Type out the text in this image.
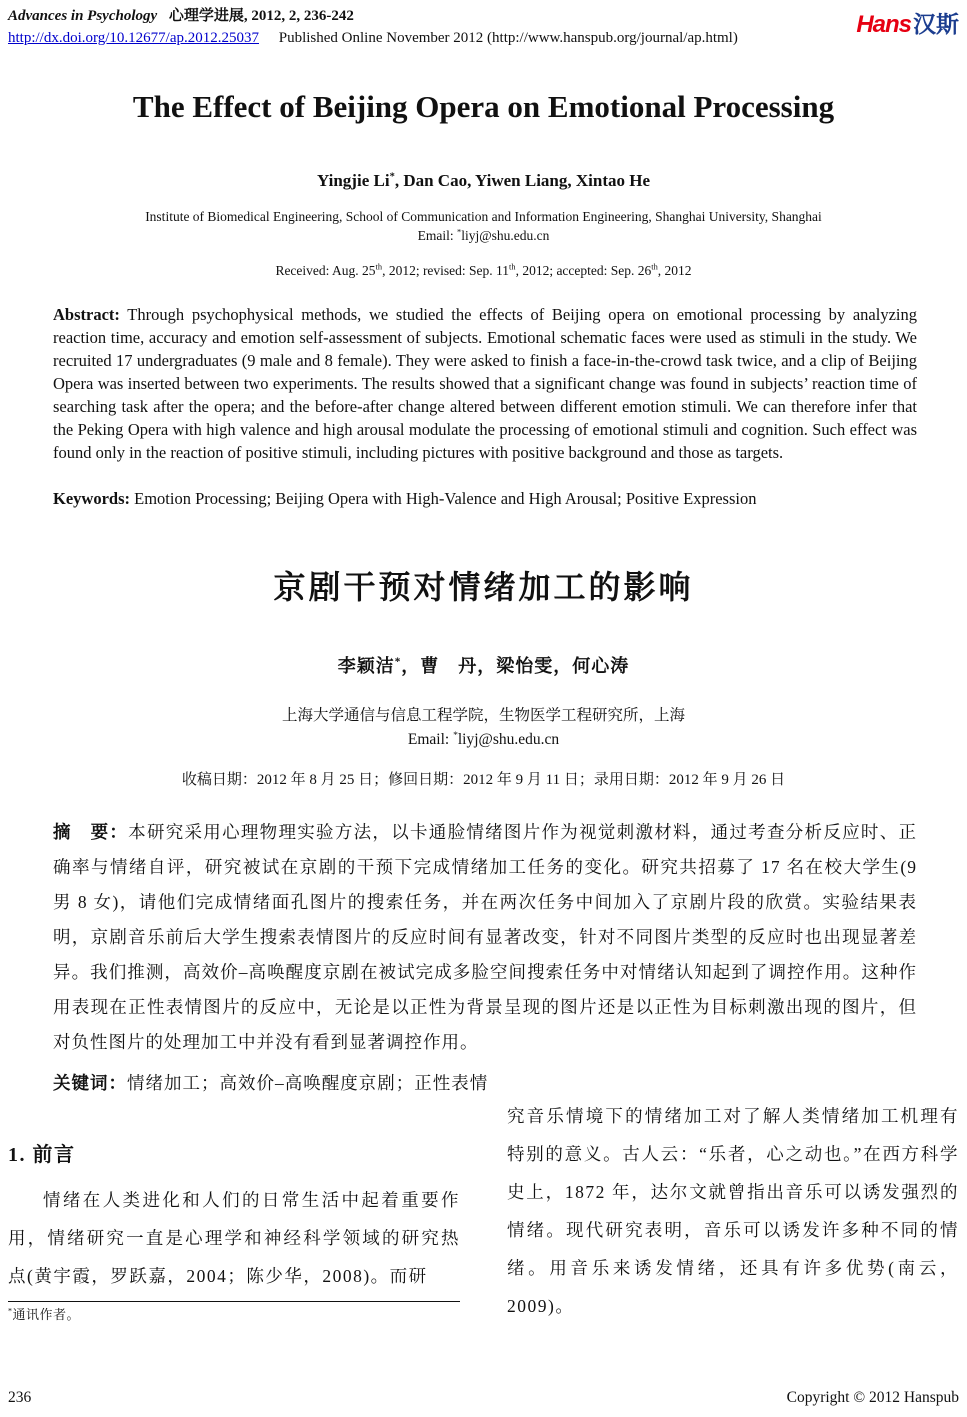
Advances in Psychology 心理学进展, 2012, 2, 236-242
http://dx.doi.org/10.12677/ap.2012.25037 Published Online November 2012 (http://www.hanspub.org/journal/ap.html)	Hans汉斯
The Effect of Beijing Opera on Emotional Processing
Yingjie Li*, Dan Cao, Yiwen Liang, Xintao He
Institute of Biomedical Engineering, School of Communication and Information Engineering, Shanghai University, Shanghai
Email: *liyj@shu.edu.cn
Received: Aug. 25th, 2012; revised: Sep. 11th, 2012; accepted: Sep. 26th, 2012

Abstract: Through psychophysical methods, we studied the effects of Beijing opera on emotional processing by analyzing reaction time, accuracy and emotion self-assessment of subjects. Emotional schematic faces were used as stimuli in the study. We recruited 17 undergraduates (9 male and 8 female). They were asked to finish a face-in-the-crowd task twice, and a clip of Beijing Opera was inserted between two experiments. The results showed that a significant change was found in subjects’ reaction time of searching task after the opera; and the before-after change altered between different emotion stimuli. We can therefore infer that the Peking Opera with high valence and high arousal modulate the processing of emotional stimuli and cognition. Such effect was found only in the reaction of positive stimuli, including pictures with positive background and those as targets.

Keywords: Emotion Processing; Beijing Opera with High-Valence and High Arousal; Positive Expression

京剧干预对情绪加工的影响
李颖洁*，曹　丹，梁怡雯，何心涛
上海大学通信与信息工程学院，生物医学工程研究所，上海
Email: *liyj@shu.edu.cn
收稿日期：2012 年 8 月 25 日；修回日期：2012 年 9 月 11 日；录用日期：2012 年 9 月 26 日

摘　要：本研究采用心理物理实验方法，以卡通脸情绪图片作为视觉刺激材料，通过考查分析反应时、正确率与情绪自评，研究被试在京剧的干预下完成情绪加工任务的变化。研究共招募了 17 名在校大学生(9 男 8 女)，请他们完成情绪面孔图片的搜索任务，并在两次任务中间加入了京剧片段的欣赏。实验结果表明，京剧音乐前后大学生搜索表情图片的反应时间有显著改变，针对不同图片类型的反应时也出现显著差异。我们推测，高效价–高唤醒度京剧在被试完成多脸空间搜索任务中对情绪认知起到了调控作用。这种作用表现在正性表情图片的反应中，无论是以正性为背景呈现的图片还是以正性为目标刺激出现的图片，但对负性图片的处理加工中并没有看到显著调控作用。

关键词：情绪加工；高效价–高唤醒度京剧；正性表情

1. 前言

情绪在人类进化和人们的日常生活中起着重要作用，情绪研究一直是心理学和神经科学领域的研究热点(黄宇霞，罗跃嘉，2004；陈少华，2008)。而研

*通讯作者。

究音乐情境下的情绪加工对了解人类情绪加工机理有特别的意义。古人云：“乐者，心之动也。”在西方科学史上，1872 年，达尔文就曾指出音乐可以诱发强烈的情绪。现代研究表明，音乐可以诱发许多种不同的情绪。用音乐来诱发情绪，还具有许多优势(南云，2009)。

236	Copyright © 2012 Hanspub
